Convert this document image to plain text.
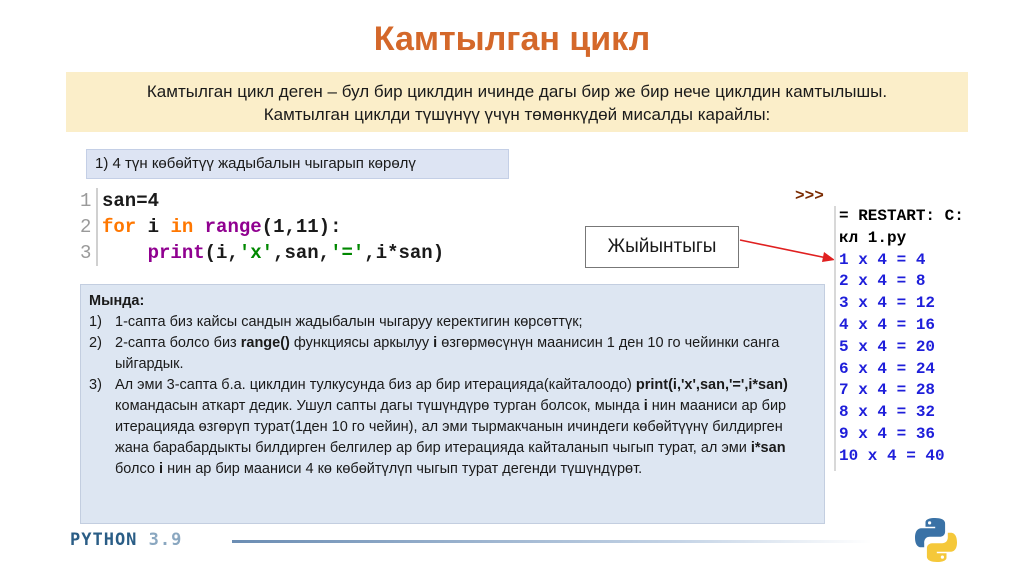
Камтылган цикл
Камтылган цикл деген – бул бир циклдин ичинде дагы бир же бир нече циклдин камтылышы.
Камтылган циклди түшүнүү үчүн төмөнкүдөй мисалды карайлы:
1) 4 түн көбөйтүү жадыбалын чыгарып көрөлү
1 san=4
2 for i in range(1,11):
3	print(i,'x',san,'=',i*san)	Жыйынтыгы
Мында:
1) 1-сапта биз кайсы сандын жадыбалын чыгаруу керектигин көрсөттүк;
2) 2-сапта болсо биз range() функциясы аркылуу i өзгөрмөсүнүн маанисин 1 ден 10 го чейинки санга ыйгардык.
3) Ал эми 3-сапта б.а. циклдин тулкусунда биз ар бир итерацияда(кайталоодо) print(i,'x',san,'=',i*san) командасын аткарт дедик. Ушул сапты дагы түшүндүрө турган болсок, мында i нин мааниси ар бир итерацияда өзгөрүп турат(1ден 10 го чейин), ал эми тырмакчанын ичиндеги көбөйтүүнү билдирген жана барабардыкты билдирген белгилер ар бир итерацияда кайталанып чыгып турат, ал эми i*san болсо i нин ар бир мааниси 4 кө көбөйтүлүп чыгып турат дегенди түшүндүрөт.
>>>
= RESTART: C:
кл 1.py
1 x 4 = 4
2 x 4 = 8
3 x 4 = 12
4 x 4 = 16
5 x 4 = 20
6 x 4 = 24
7 x 4 = 28
8 x 4 = 32
9 x 4 = 36
10 x 4 = 40
PYTHON 3.9
